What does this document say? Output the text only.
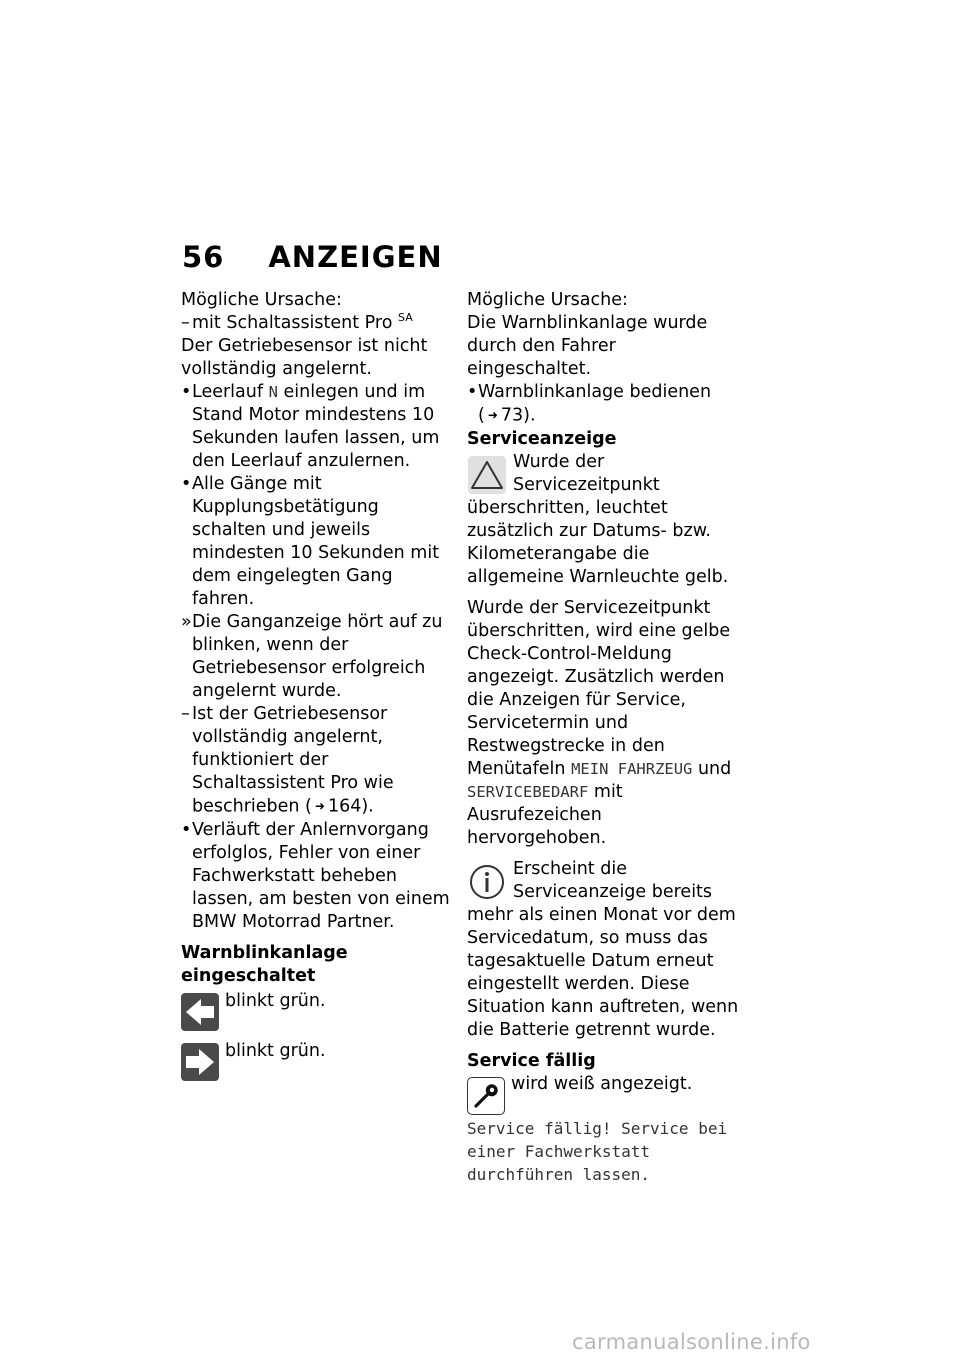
56 ANZEIGEN

Mögliche Ursache:

– mit Schaltassistent Pro $^{SA}$

Der Getriebesensor ist nicht vollständig angelernt.

• Leerlauf N einlegen und im Stand Motor mindestens 10 Sekunden laufen lassen, um den Leerlauf anzulernen.
• Alle Gänge mit Kupplungsbetätigung schalten und jeweils mindesten 10 Sekunden mit dem eingelegten Gang fahren.
» Die Ganganzeige hört auf zu blinken, wenn der Getriebesensor erfolgreich angelernt wurde.
– Ist der Getriebesensor vollständig angelernt, funktioniert der Schaltassistent Pro wie beschrieben ( ➜ 164).
• Verläuft der Anlernvorgang erfolglos, Fehler von einer Fachwerkstatt beheben lassen, am besten von einem BMW Motorrad Partner.

Warnblinkanlage eingeschaltet

blinkt grün.

blinkt grün.

Mögliche Ursache:

Die Warnblinkanlage wurde durch den Fahrer eingeschaltet.

• Warnblinkanlage bedienen ( ➜ 73).

Serviceanzeige

Wurde der Servicezeitpunkt überschritten, leuchtet zusätzlich zur Datums- bzw. Kilometerangabe die allgemeine Warnleuchte gelb.

Wurde der Servicezeitpunkt überschritten, wird eine gelbe Check-Control-Meldung angezeigt. Zusätzlich werden die Anzeigen für Service, Servicetermin und Restwegstrecke in den Menütafeln MEIN FAHRZEUG und SERVICEBEDARF mit Ausrufezeichen hervorgehoben.

Erscheint die Serviceanzeige bereits mehr als einen Monat vor dem Servicedatum, so muss das tagesaktuelle Datum erneut eingestellt werden. Diese Situation kann auftreten, wenn die Batterie getrennt wurde.

Service fällig

wird weiß angezeigt.

Service fällig! Service bei einer Fachwerkstatt durchführen lassen.

carmanualsonline.info
